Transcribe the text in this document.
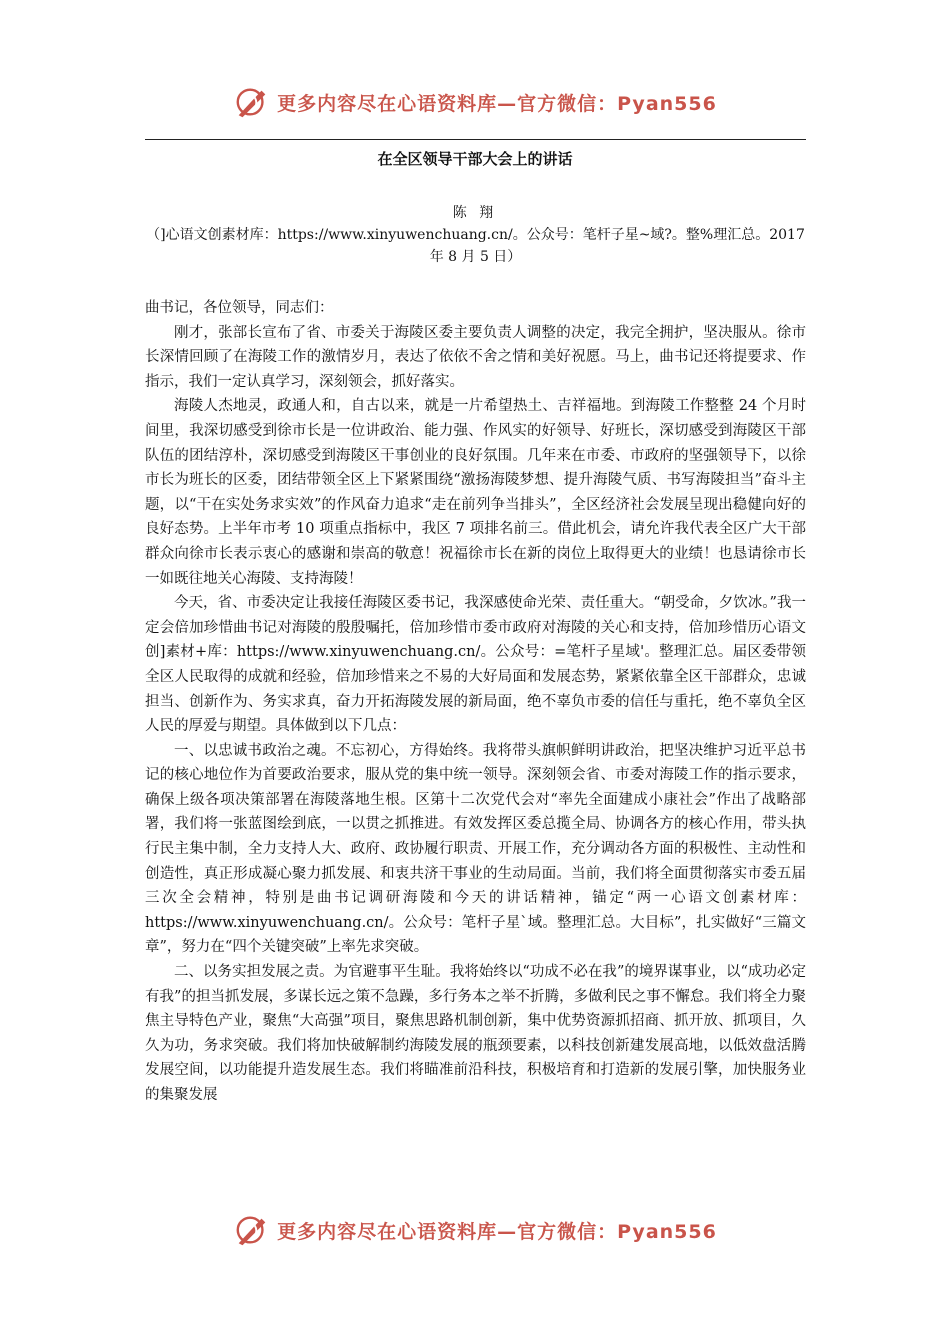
更多内容尽在心语资料库—官方微信：Pyan556
在全区领导干部大会上的讲话
陈 翔
（]心语文创素材库：https://www.xinyuwenchuang.cn/。公众号：笔杆子星~域?。整%理汇总。2017 年 8 月 5 日）

曲书记，各位领导，同志们：

刚才，张部长宣布了省、市委关于海陵区委主要负责人调整的决定，我完全拥护，坚决服从。徐市长深情回顾了在海陵工作的激情岁月，表达了依依不舍之情和美好祝愿。马上，曲书记还将提要求、作指示，我们一定认真学习，深刻领会，抓好落实。

海陵人杰地灵，政通人和，自古以来，就是一片希望热土、吉祥福地。到海陵工作整整 24 个月时间里，我深切感受到徐市长是一位讲政治、能力强、作风实的好领导、好班长，深切感受到海陵区干部队伍的团结淳朴，深切感受到海陵区干事创业的良好氛围。几年来在市委、市政府的坚强领导下，以徐市长为班长的区委，团结带领全区上下紧紧围绕“激扬海陵梦想、提升海陵气质、书写海陵担当”奋斗主题，以“干在实处务求实效”的作风奋力追求“走在前列争当排头”，全区经济社会发展呈现出稳健向好的良好态势。上半年市考 10 项重点指标中，我区 7 项排名前三。借此机会，请允许我代表全区广大干部群众向徐市长表示衷心的感谢和崇高的敬意！祝福徐市长在新的岗位上取得更大的业绩！也恳请徐市长一如既往地关心海陵、支持海陵！

今天，省、市委决定让我接任海陵区委书记，我深感使命光荣、责任重大。“朝受命，夕饮冰。”我一定会倍加珍惜曲书记对海陵的殷殷嘱托，倍加珍惜市委市政府对海陵的关心和支持，倍加珍惜历心语文创]素材+库：https://www.xinyuwenchuang.cn/。公众号：=笔杆子星域'。整理汇总。届区委带领全区人民取得的成就和经验，倍加珍惜来之不易的大好局面和发展态势，紧紧依靠全区干部群众，忠诚担当、创新作为、务实求真，奋力开拓海陵发展的新局面，绝不辜负市委的信任与重托，绝不辜负全区人民的厚爱与期望。具体做到以下几点：

一、以忠诚书政治之魂。不忘初心，方得始终。我将带头旗帜鲜明讲政治，把坚决维护习近平总书记的核心地位作为首要政治要求，服从党的集中统一领导。深刻领会省、市委对海陵工作的指示要求，确保上级各项决策部署在海陵落地生根。区第十二次党代会对“率先全面建成小康社会”作出了战略部署，我们将一张蓝图绘到底，一以贯之抓推进。有效发挥区委总揽全局、协调各方的核心作用，带头执行民主集中制，全力支持人大、政府、政协履行职责、开展工作，充分调动各方面的积极性、主动性和创造性，真正形成凝心聚力抓发展、和衷共济干事业的生动局面。当前，我们将全面贯彻落实市委五届三次全会精神，特别是曲书记调研海陵和今天的讲话精神，锚定“两一心语文创素材库：https://www.xinyuwenchuang.cn/。公众号：笔杆子星`域。整理汇总。大目标”，扎实做好“三篇文章”，努力在“四个关键突破”上率先求突破。

二、以务实担发展之责。为官避事平生耻。我将始终以“功成不必在我”的境界谋事业，以“成功必定有我”的担当抓发展，多谋长远之策不急躁，多行务本之举不折腾，多做利民之事不懈怠。我们将全力聚焦主导特色产业，聚焦“大高强”项目，聚焦思路机制创新，集中优势资源抓招商、抓开放、抓项目，久久为功，务求突破。我们将加快破解制约海陵发展的瓶颈要素，以科技创新建发展高地，以低效盘活腾发展空间，以功能提升造发展生态。我们将瞄准前沿科技，积极培育和打造新的发展引擎，加快服务业的集聚发展

更多内容尽在心语资料库—官方微信：Pyan556
